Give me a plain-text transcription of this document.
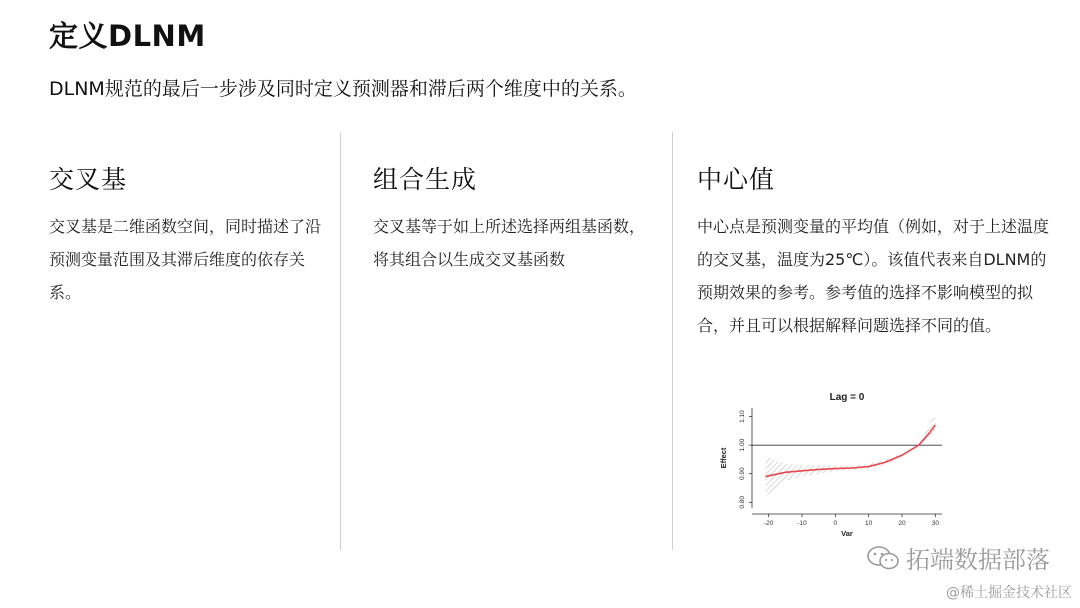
定义DLNM
DLNM规范的最后一步涉及同时定义预测器和滞后两个维度中的关系。
交叉基

交叉基是二维函数空间，同时描述了沿预测变量范围及其滞后维度的依存关系。

组合生成

交叉基等于如上所述选择两组基函数，将其组合以生成交叉基函数

中心值

中心点是预测变量的平均值（例如，对于上述温度的交叉基，温度为25℃）。该值代表来自DLNM的预期效果的参考。参考值的选择不影响模型的拟合，并且可以根据解释问题选择不同的值。

Lag = 0
0.80
0.90
1.00
1.10
-20	-10	0	10	20	30
Var
Effect
拓端数据部落
@稀土掘金技术社区
